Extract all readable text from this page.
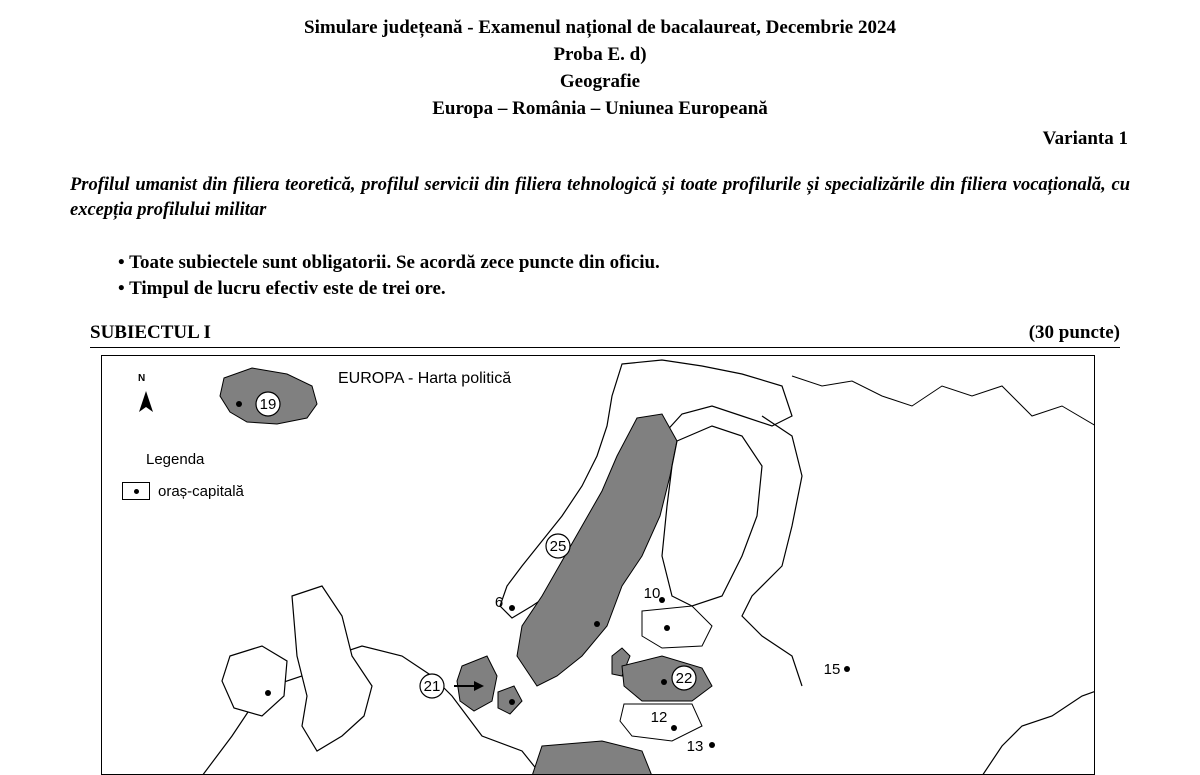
Simulare județeană - Examenul național de bacalaureat, Decembrie 2024
Proba E. d)
Geografie
Europa – România – Uniunea Europeană
Varianta 1
Profilul umanist din filiera teoretică, profilul servicii din filiera tehnologică și toate profilurile și specializările din filiera vocațională, cu excepția profilului militar
• Toate subiectele sunt obligatorii. Se acordă zece puncte din oficiu.
• Timpul de lucru efectiv este de trei ore.
SUBIECTUL I	(30 puncte)
19
25
21	22
6
10
15
12
13
N	EUROPA - Harta politică
Legenda
oraș-capitală
